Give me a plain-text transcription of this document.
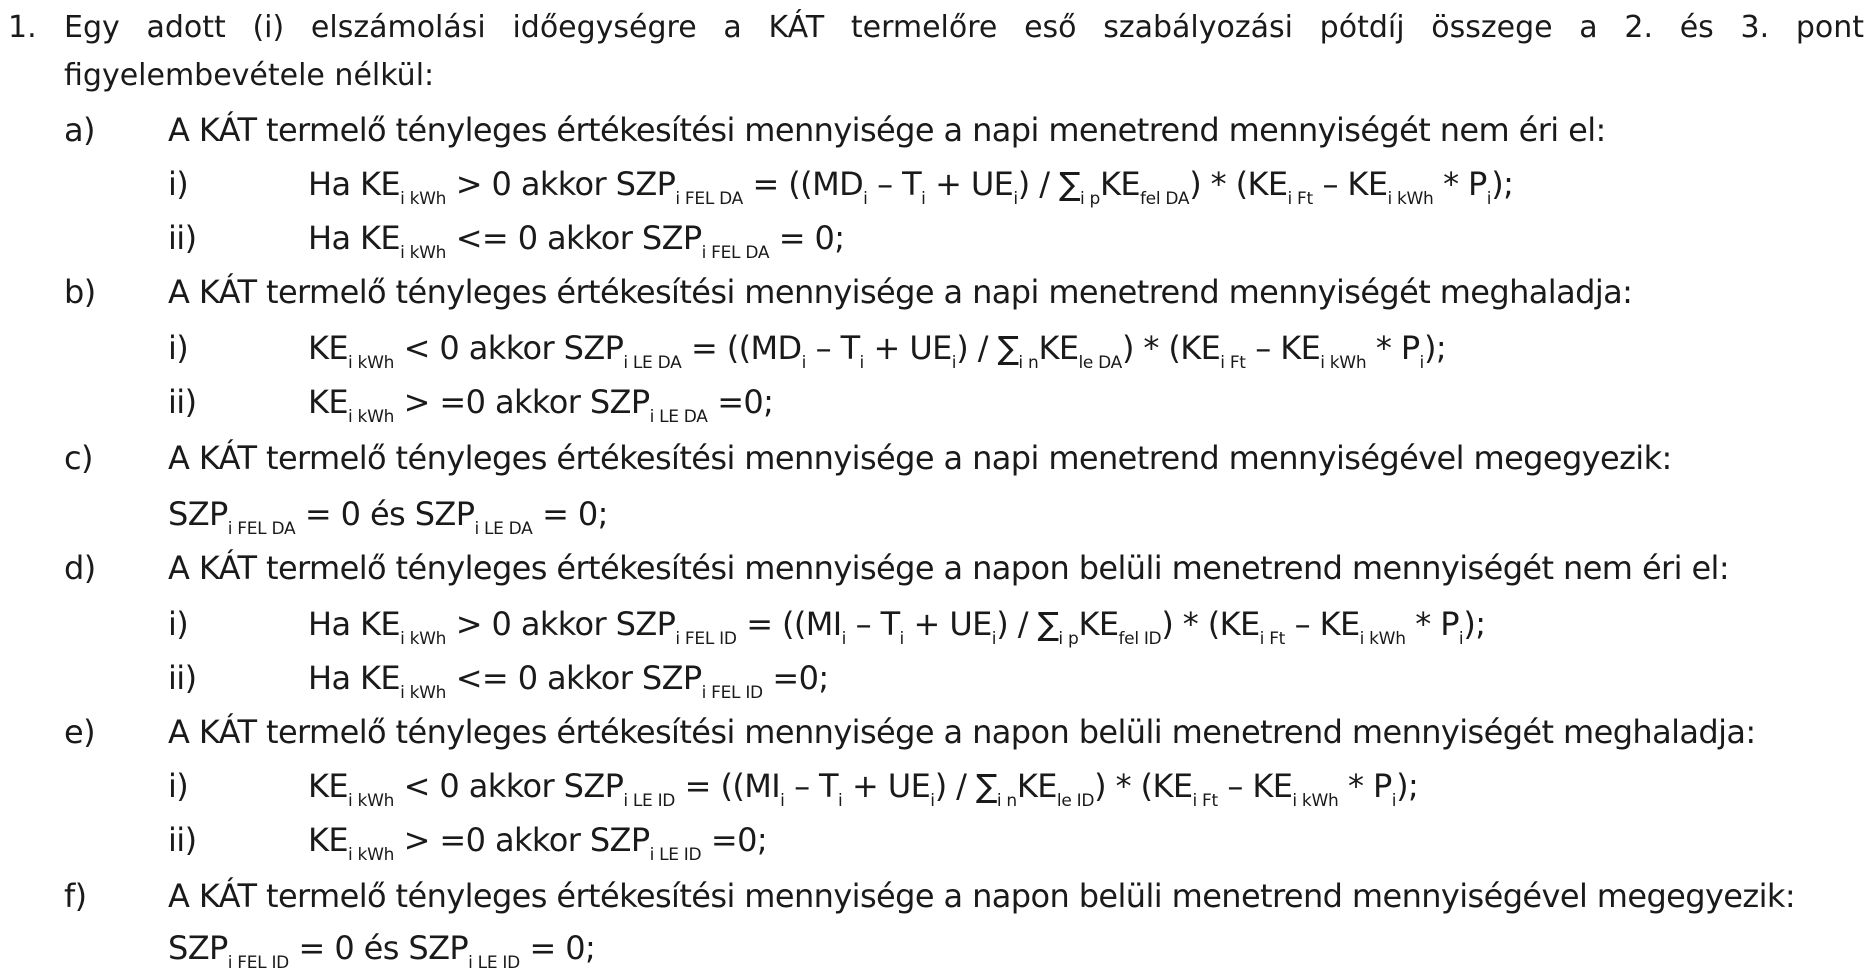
1. Egy adott (i) elszámolási időegységre a KÁT termelőre eső szabályozási pótdíj összege a 2. és 3. pont
figyelembevétele nélkül:
a) A KÁT termelő tényleges értékesítési mennyisége a napi menetrend mennyiségét nem éri el:
i)	Ha $KE_{i kWh} > 0$ akkor $SZP_{i FEL DA} = ((MD_i - T_i + UE_i) / \sum_{i p}KE_{fel DA}) * (KE_{i Ft} - KE_{i kWh} * P_i)$;
ii)	Ha $KE_{i kWh} <= 0$ akkor $SZP_{i FEL DA} = 0$;
b) A KÁT termelő tényleges értékesítési mennyisége a napi menetrend mennyiségét meghaladja:
i)	$KE_{i kWh} < 0$ akkor $SZP_{i LE DA} = ((MD_i - T_i + UE_i) / \sum_{i n}KE_{le DA}) * (KE_{i Ft} - KE_{i kWh} * P_i)$;
ii)	$KE_{i kWh} > =0$ akkor $SZP_{i LE DA} =0$;
c) A KÁT termelő tényleges értékesítési mennyisége a napi menetrend mennyiségével megegyezik:
$SZP_{i FEL DA} = 0$ és $SZP_{i LE DA} = 0$;
d) A KÁT termelő tényleges értékesítési mennyisége a napon belüli menetrend mennyiségét nem éri el:
i)	Ha $KE_{i kWh} > 0$ akkor $SZP_{i FEL ID} = ((MI_i - T_i + UE_i) / \sum_{i p}KE_{fel ID}) * (KE_{i Ft} - KE_{i kWh} * P_i)$;
ii)	Ha $KE_{i kWh} <= 0$ akkor $SZP_{i FEL ID} =0$;
e) A KÁT termelő tényleges értékesítési mennyisége a napon belüli menetrend mennyiségét meghaladja:
i)	$KE_{i kWh} < 0$ akkor $SZP_{i LE ID} = ((MI_i - T_i + UE_i) / \sum_{i n}KE_{le ID}) * (KE_{i Ft} - KE_{i kWh} * P_i)$;
ii)	$KE_{i kWh} > =0$ akkor $SZP_{i LE ID} =0$;
f)	A KÁT termelő tényleges értékesítési mennyisége a napon belüli menetrend mennyiségével megegyezik:
$SZP_{i FEL ID} = 0$ és $SZP_{i LE ID} = 0$;
